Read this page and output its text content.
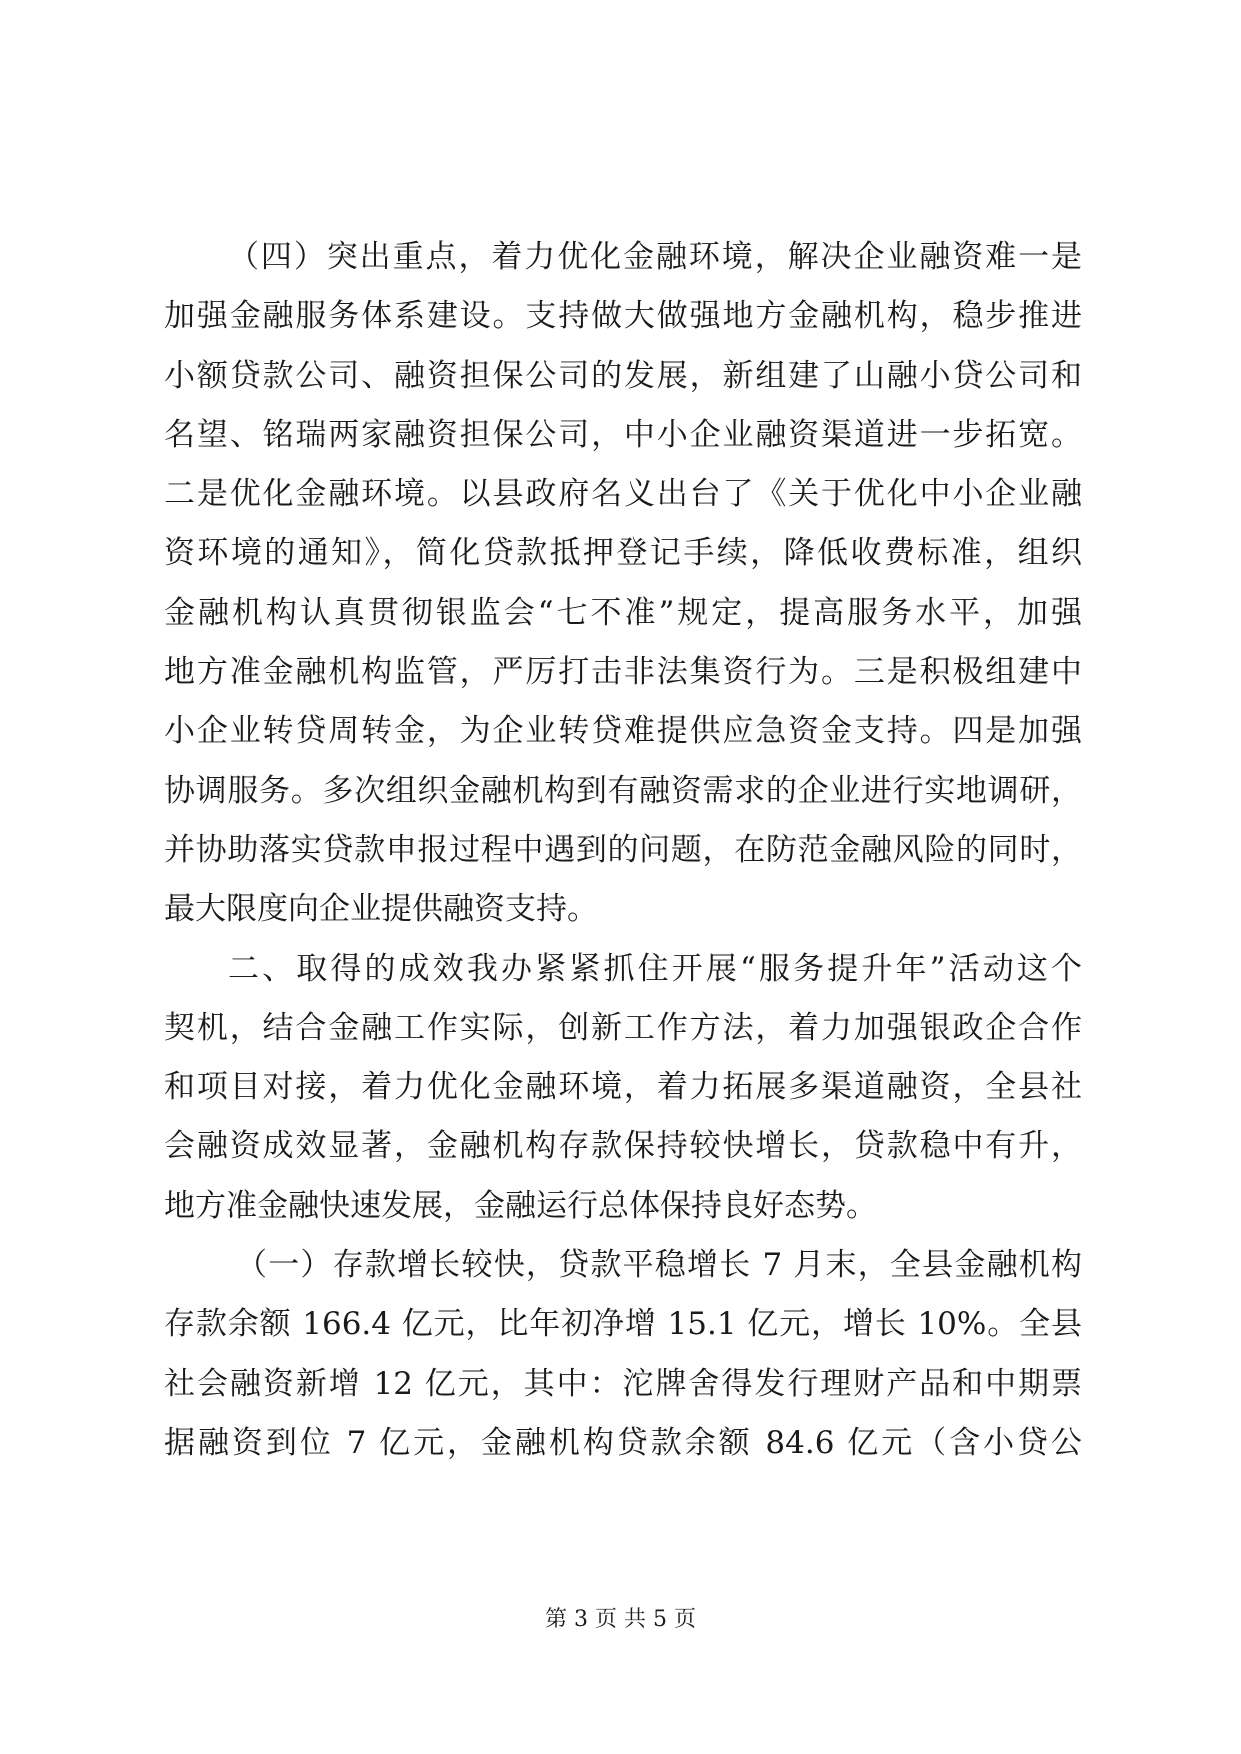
（四）突出重点，着力优化金融环境，解决企业融资难一是
加强金融服务体系建设。支持做大做强地方金融机构，稳步推进
小额贷款公司、融资担保公司的发展，新组建了山融小贷公司和
名望、铭瑞两家融资担保公司，中小企业融资渠道进一步拓宽。
二是优化金融环境。以县政府名义出台了《关于优化中小企业融
资环境的通知》，简化贷款抵押登记手续，降低收费标准，组织
金融机构认真贯彻银监会“七不准”规定，提高服务水平，加强
地方准金融机构监管，严厉打击非法集资行为。三是积极组建中
小企业转贷周转金，为企业转贷难提供应急资金支持。四是加强
协调服务。多次组织金融机构到有融资需求的企业进行实地调研，
并协助落实贷款申报过程中遇到的问题，在防范金融风险的同时，
最大限度向企业提供融资支持。
二、取得的成效我办紧紧抓住开展“服务提升年”活动这个
契机，结合金融工作实际，创新工作方法，着力加强银政企合作
和项目对接，着力优化金融环境，着力拓展多渠道融资，全县社
会融资成效显著，金融机构存款保持较快增长，贷款稳中有升，
地方准金融快速发展，金融运行总体保持良好态势。
（一）存款增长较快，贷款平稳增长 7 月末，全县金融机构
存款余额 166.4 亿元，比年初净增 15.1 亿元，增长 10%。全县
社会融资新增 12 亿元，其中：沱牌舍得发行理财产品和中期票
据融资到位 7 亿元，金融机构贷款余额 84.6 亿元（含小贷公
第 3 页 共 5 页
